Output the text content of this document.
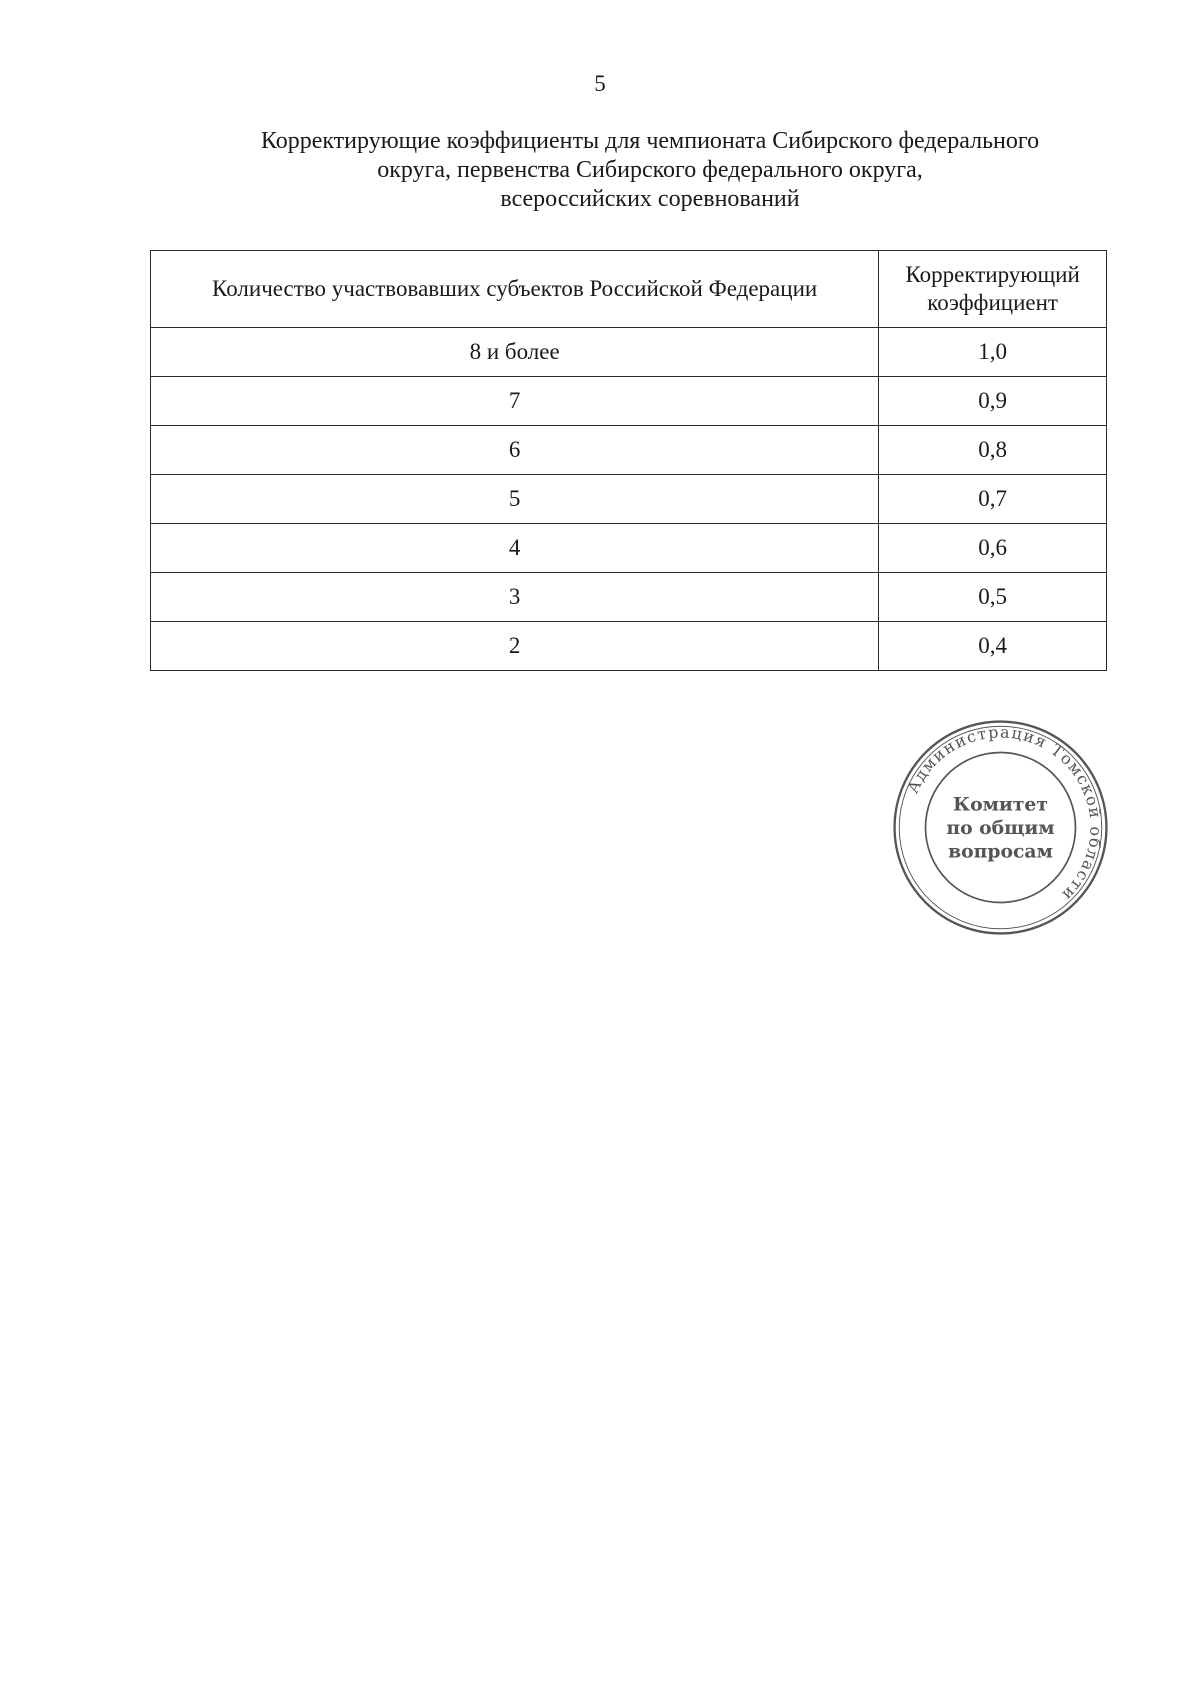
5
Корректирующие коэффициенты для чемпионата Сибирского федерального
округа, первенства Сибирского федерального округа,
всероссийских соревнований
Количество участвовавших субъектов Российской Федерации	Корректирующий
коэффициент

8 и более	1,0
7	0,9
6	0,8
5	0,7
4	0,6
3	0,5
2	0,4
Администрация Томской области
Комитет
по общим
вопросам
